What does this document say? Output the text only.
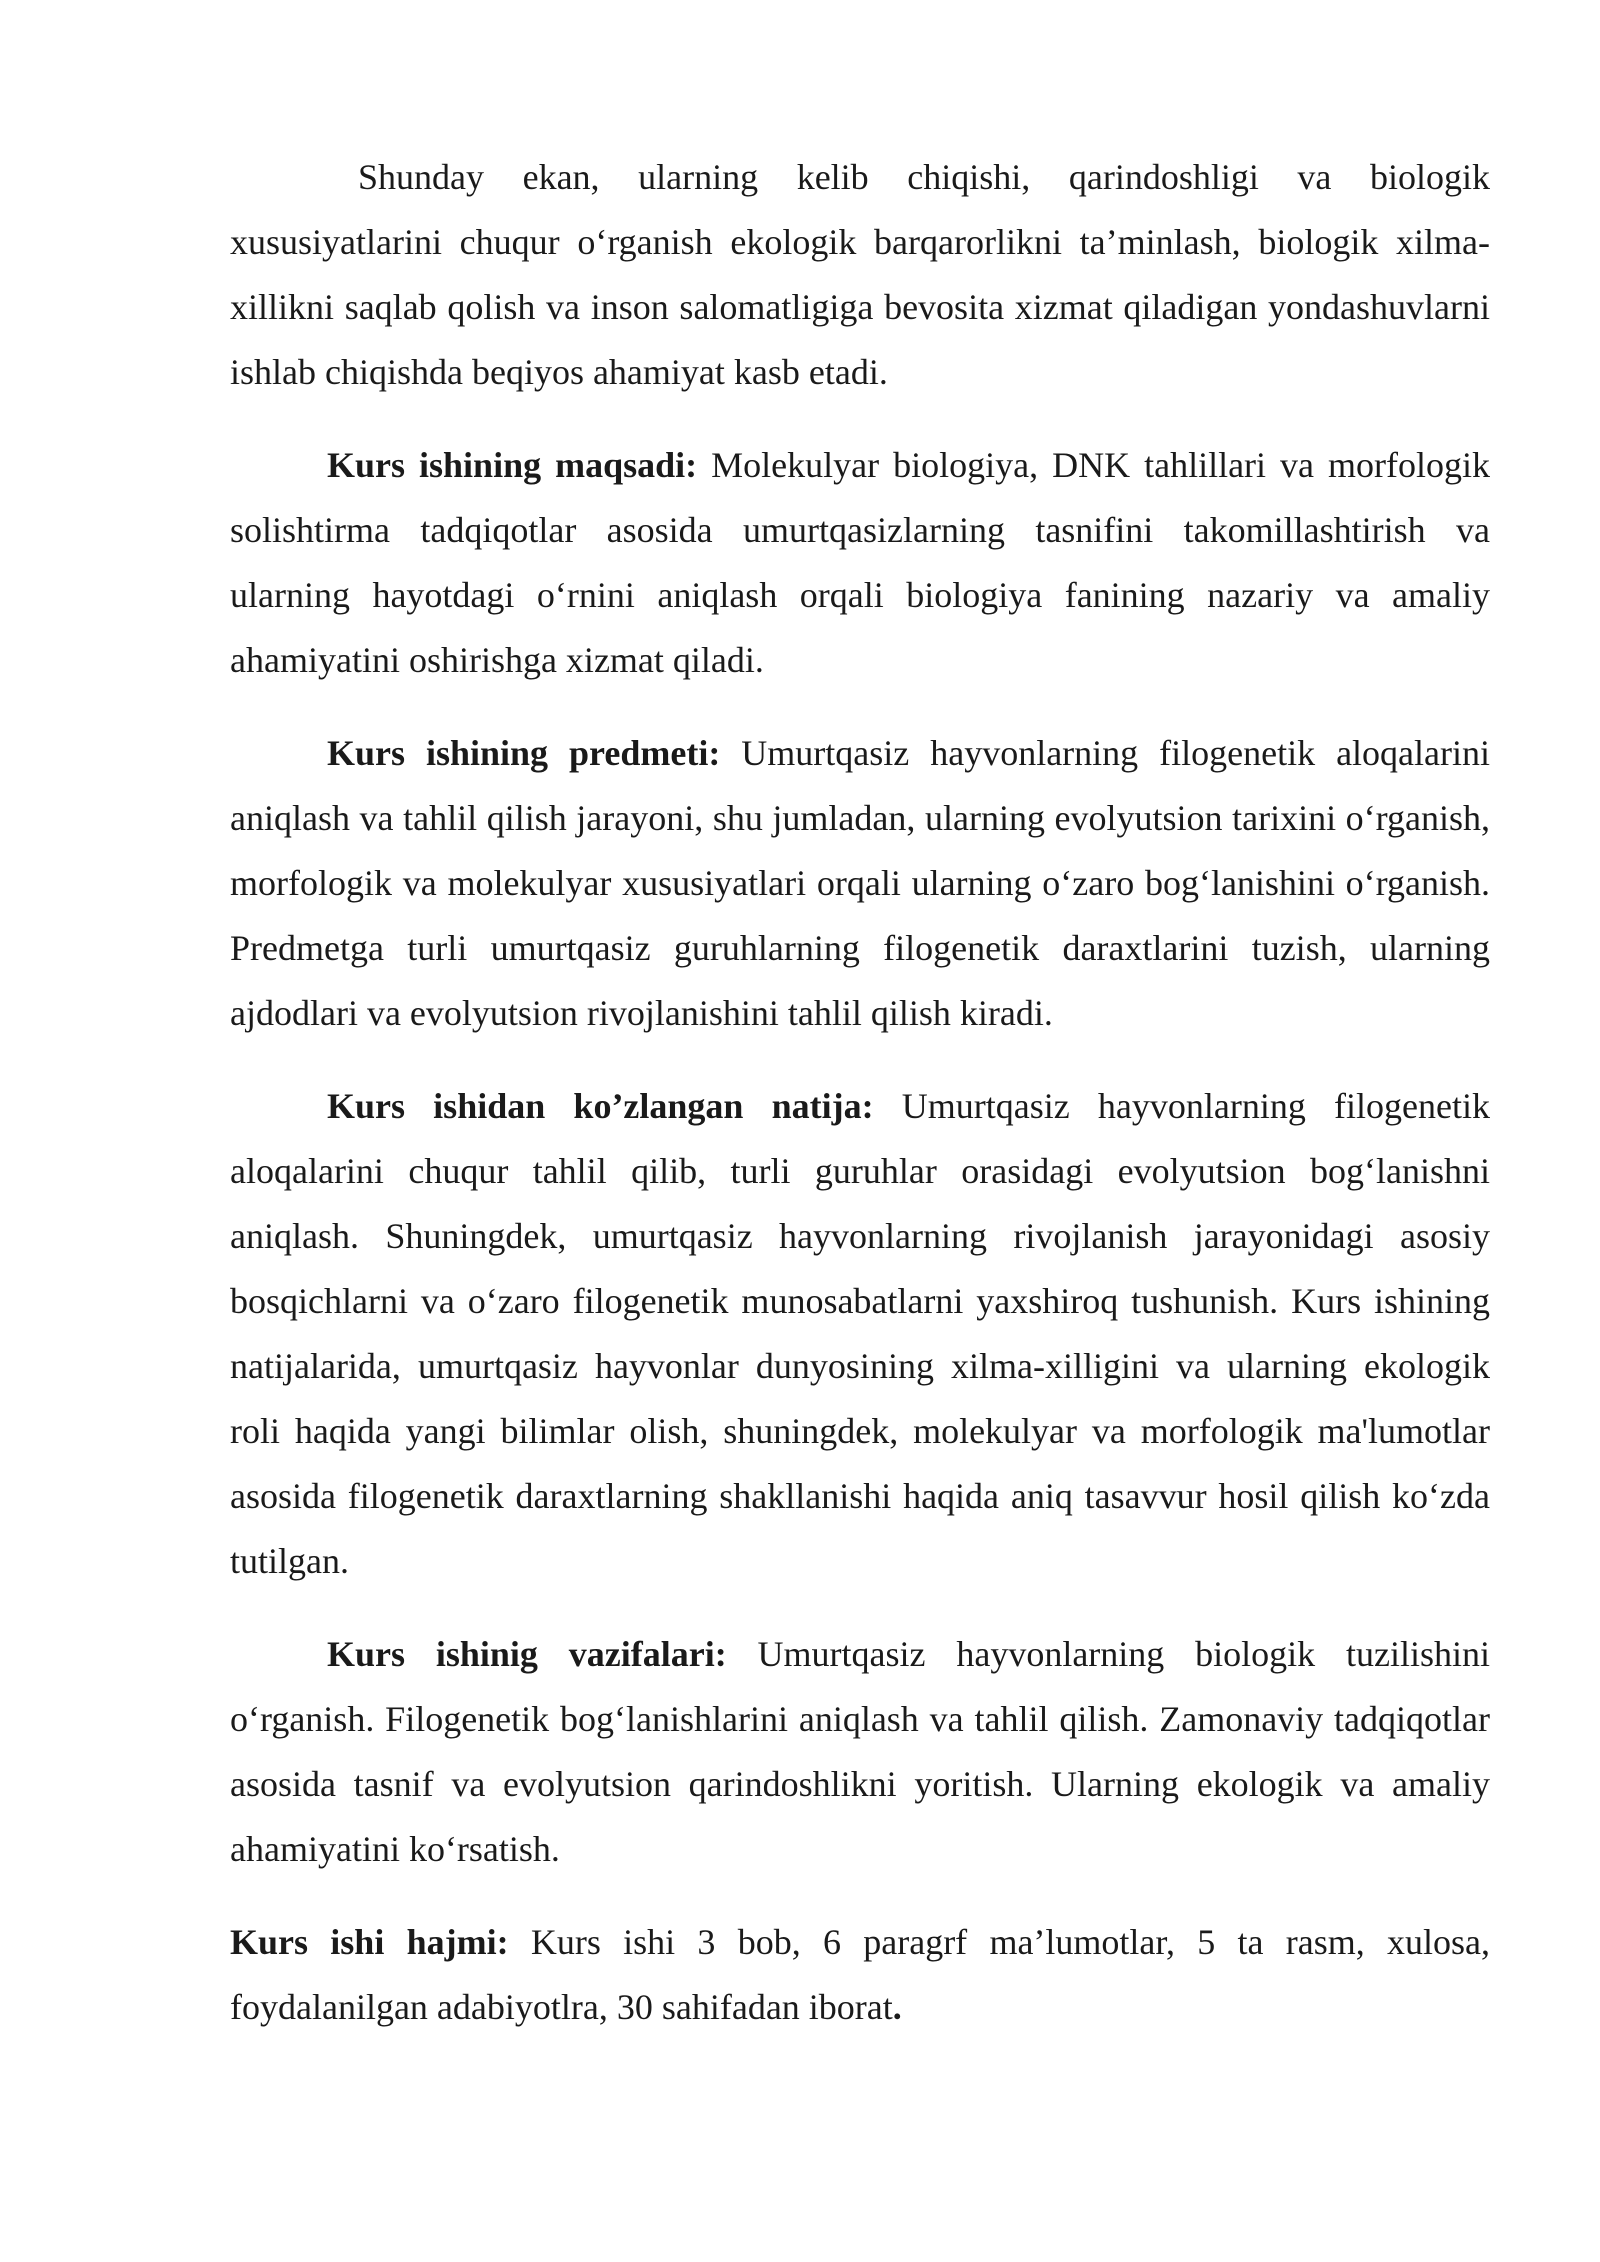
Shunday ekan, ularning kelib chiqishi, qarindoshligi va biologik xususiyatlarini chuqur o‘rganish ekologik barqarorlikni ta’minlash, biologik xilma-xillikni saqlab qolish va inson salomatligiga bevosita xizmat qiladigan yondashuvlarni ishlab chiqishda beqiyos ahamiyat kasb etadi.

Kurs ishining maqsadi: Molekulyar biologiya, DNK tahlillari va morfologik solishtirma tadqiqotlar asosida umurtqasizlarning tasnifini takomillashtirish va ularning hayotdagi o‘rnini aniqlash orqali biologiya fanining nazariy va amaliy ahamiyatini oshirishga xizmat qiladi.

Kurs ishining predmeti: Umurtqasiz hayvonlarning filogenetik aloqalarini aniqlash va tahlil qilish jarayoni, shu jumladan, ularning evolyutsion tarixini o‘rganish, morfologik va molekulyar xususiyatlari orqali ularning o‘zaro bog‘lanishini o‘rganish. Predmetga turli umurtqasiz guruhlarning filogenetik daraxtlarini tuzish, ularning ajdodlari va evolyutsion rivojlanishini tahlil qilish kiradi.

Kurs ishidan ko’zlangan natija: Umurtqasiz hayvonlarning filogenetik aloqalarini chuqur tahlil qilib, turli guruhlar orasidagi evolyutsion bog‘lanishni aniqlash. Shuningdek, umurtqasiz hayvonlarning rivojlanish jarayonidagi asosiy bosqichlarni va o‘zaro filogenetik munosabatlarni yaxshiroq tushunish. Kurs ishining natijalarida, umurtqasiz hayvonlar dunyosining xilma-xilligini va ularning ekologik roli haqida yangi bilimlar olish, shuningdek, molekulyar va morfologik ma'lumotlar asosida filogenetik daraxtlarning shakllanishi haqida aniq tasavvur hosil qilish ko‘zda tutilgan.

Kurs ishinig vazifalari: Umurtqasiz hayvonlarning biologik tuzilishini o‘rganish. Filogenetik bog‘lanishlarini aniqlash va tahlil qilish. Zamonaviy tadqiqotlar asosida tasnif va evolyutsion qarindoshlikni yoritish. Ularning ekologik va amaliy ahamiyatini ko‘rsatish.

Kurs ishi hajmi: Kurs ishi 3 bob, 6 paragrf ma’lumotlar, 5 ta rasm, xulosa, foydalanilgan adabiyotlra, 30 sahifadan iborat.
